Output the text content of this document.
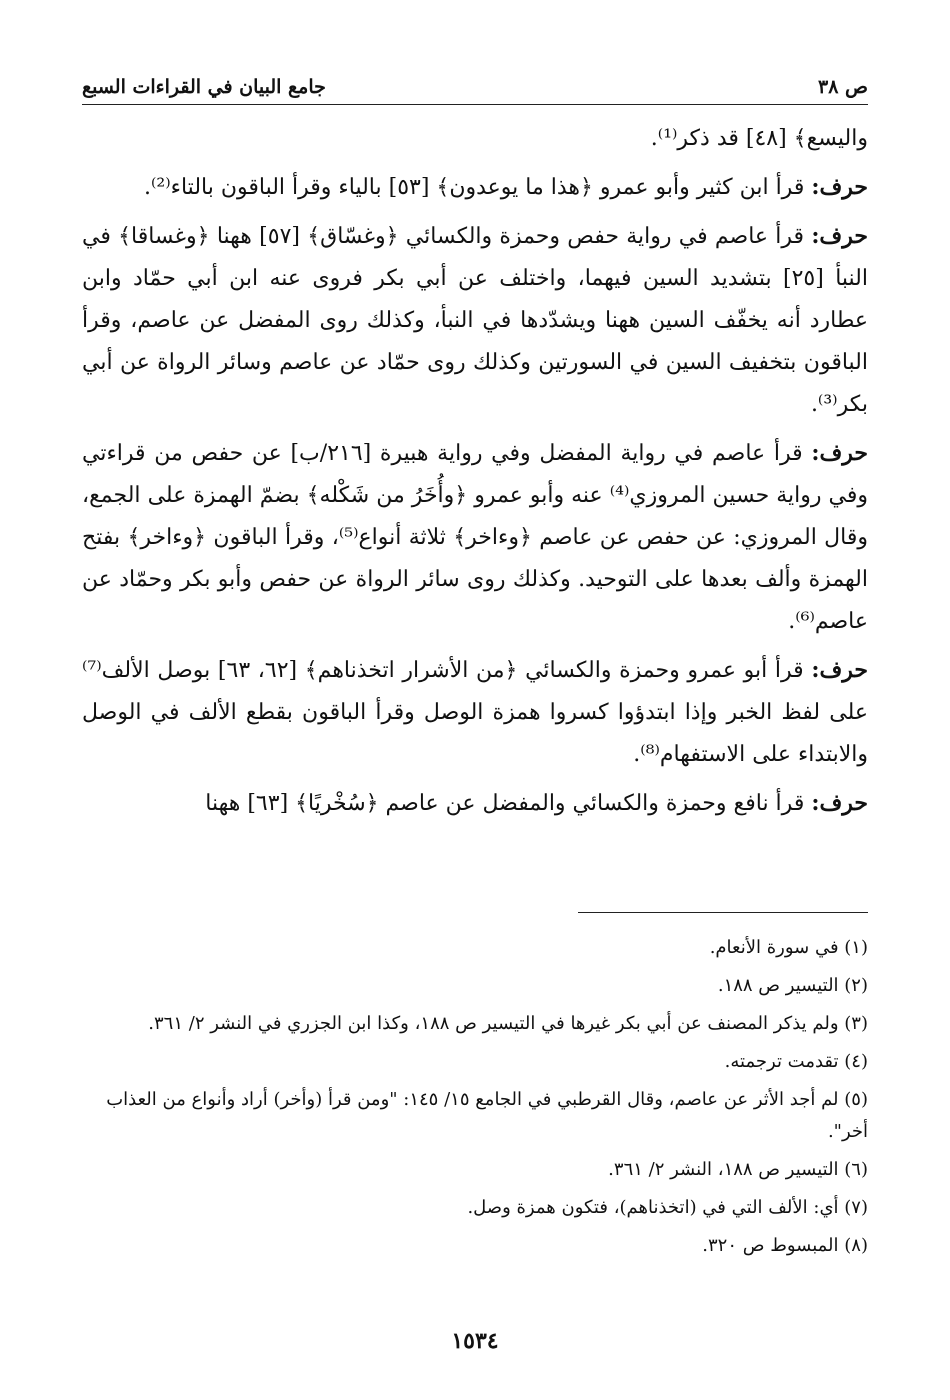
ص ٣٨
جامع البيان في القراءات السبع

واليسع﴾ [٤٨] قد ذكر⁽¹⁾.

حرف: قرأ ابن كثير وأبو عمرو ﴿هذا ما يوعدون﴾ [٥٣] بالياء وقرأ الباقون بالتاء⁽²⁾.

حرف: قرأ عاصم في رواية حفص وحمزة والكسائي ﴿وغسّاق﴾ [٥٧] ههنا ﴿وغساقا﴾ في النبأ [٢٥] بتشديد السين فيهما، واختلف عن أبي بكر فروى عنه ابن أبي حمّاد وابن عطارد أنه يخفّف السين ههنا ويشدّدها في النبأ، وكذلك روى المفضل عن عاصم، وقرأ الباقون بتخفيف السين في السورتين وكذلك روى حمّاد عن عاصم وسائر الرواة عن أبي بكر⁽³⁾.

حرف: قرأ عاصم في رواية المفضل وفي رواية هبيرة [٢١٦/ب] عن حفص من قراءتي وفي رواية حسين المروزي⁽⁴⁾ عنه وأبو عمرو ﴿وأُخَرُ من شَكْله﴾ بضمّ الهمزة على الجمع، وقال المروزي: عن حفص عن عاصم ﴿وءاخر﴾ ثلاثة أنواع⁽⁵⁾، وقرأ الباقون ﴿وءاخر﴾ بفتح الهمزة وألف بعدها على التوحيد. وكذلك روى سائر الرواة عن حفص وأبو بكر وحمّاد عن عاصم⁽⁶⁾.

حرف: قرأ أبو عمرو وحمزة والكسائي ﴿من الأشرار اتخذناهم﴾ [٦٢، ٦٣] بوصل الألف⁽⁷⁾ على لفظ الخبر وإذا ابتدؤوا كسروا همزة الوصل وقرأ الباقون بقطع الألف في الوصل والابتداء على الاستفهام⁽⁸⁾.

حرف: قرأ نافع وحمزة والكسائي والمفضل عن عاصم ﴿سُخْريًا﴾ [٦٣] ههنا

(١) في سورة الأنعام.
(٢) التيسير ص ١٨٨.
(٣) ولم يذكر المصنف عن أبي بكر غيرها في التيسير ص ١٨٨، وكذا ابن الجزري في النشر ٢/ ٣٦١.
(٤) تقدمت ترجمته.
(٥) لم أجد الأثر عن عاصم، وقال القرطبي في الجامع ١٥/ ١٤٥: "ومن قرأ (وأخر) أراد وأنواع من العذاب أخر".
(٦) التيسير ص ١٨٨، النشر ٢/ ٣٦١.
(٧) أي: الألف التي في (اتخذناهم)، فتكون همزة وصل.
(٨) المبسوط ص ٣٢٠.
١٥٣٤
